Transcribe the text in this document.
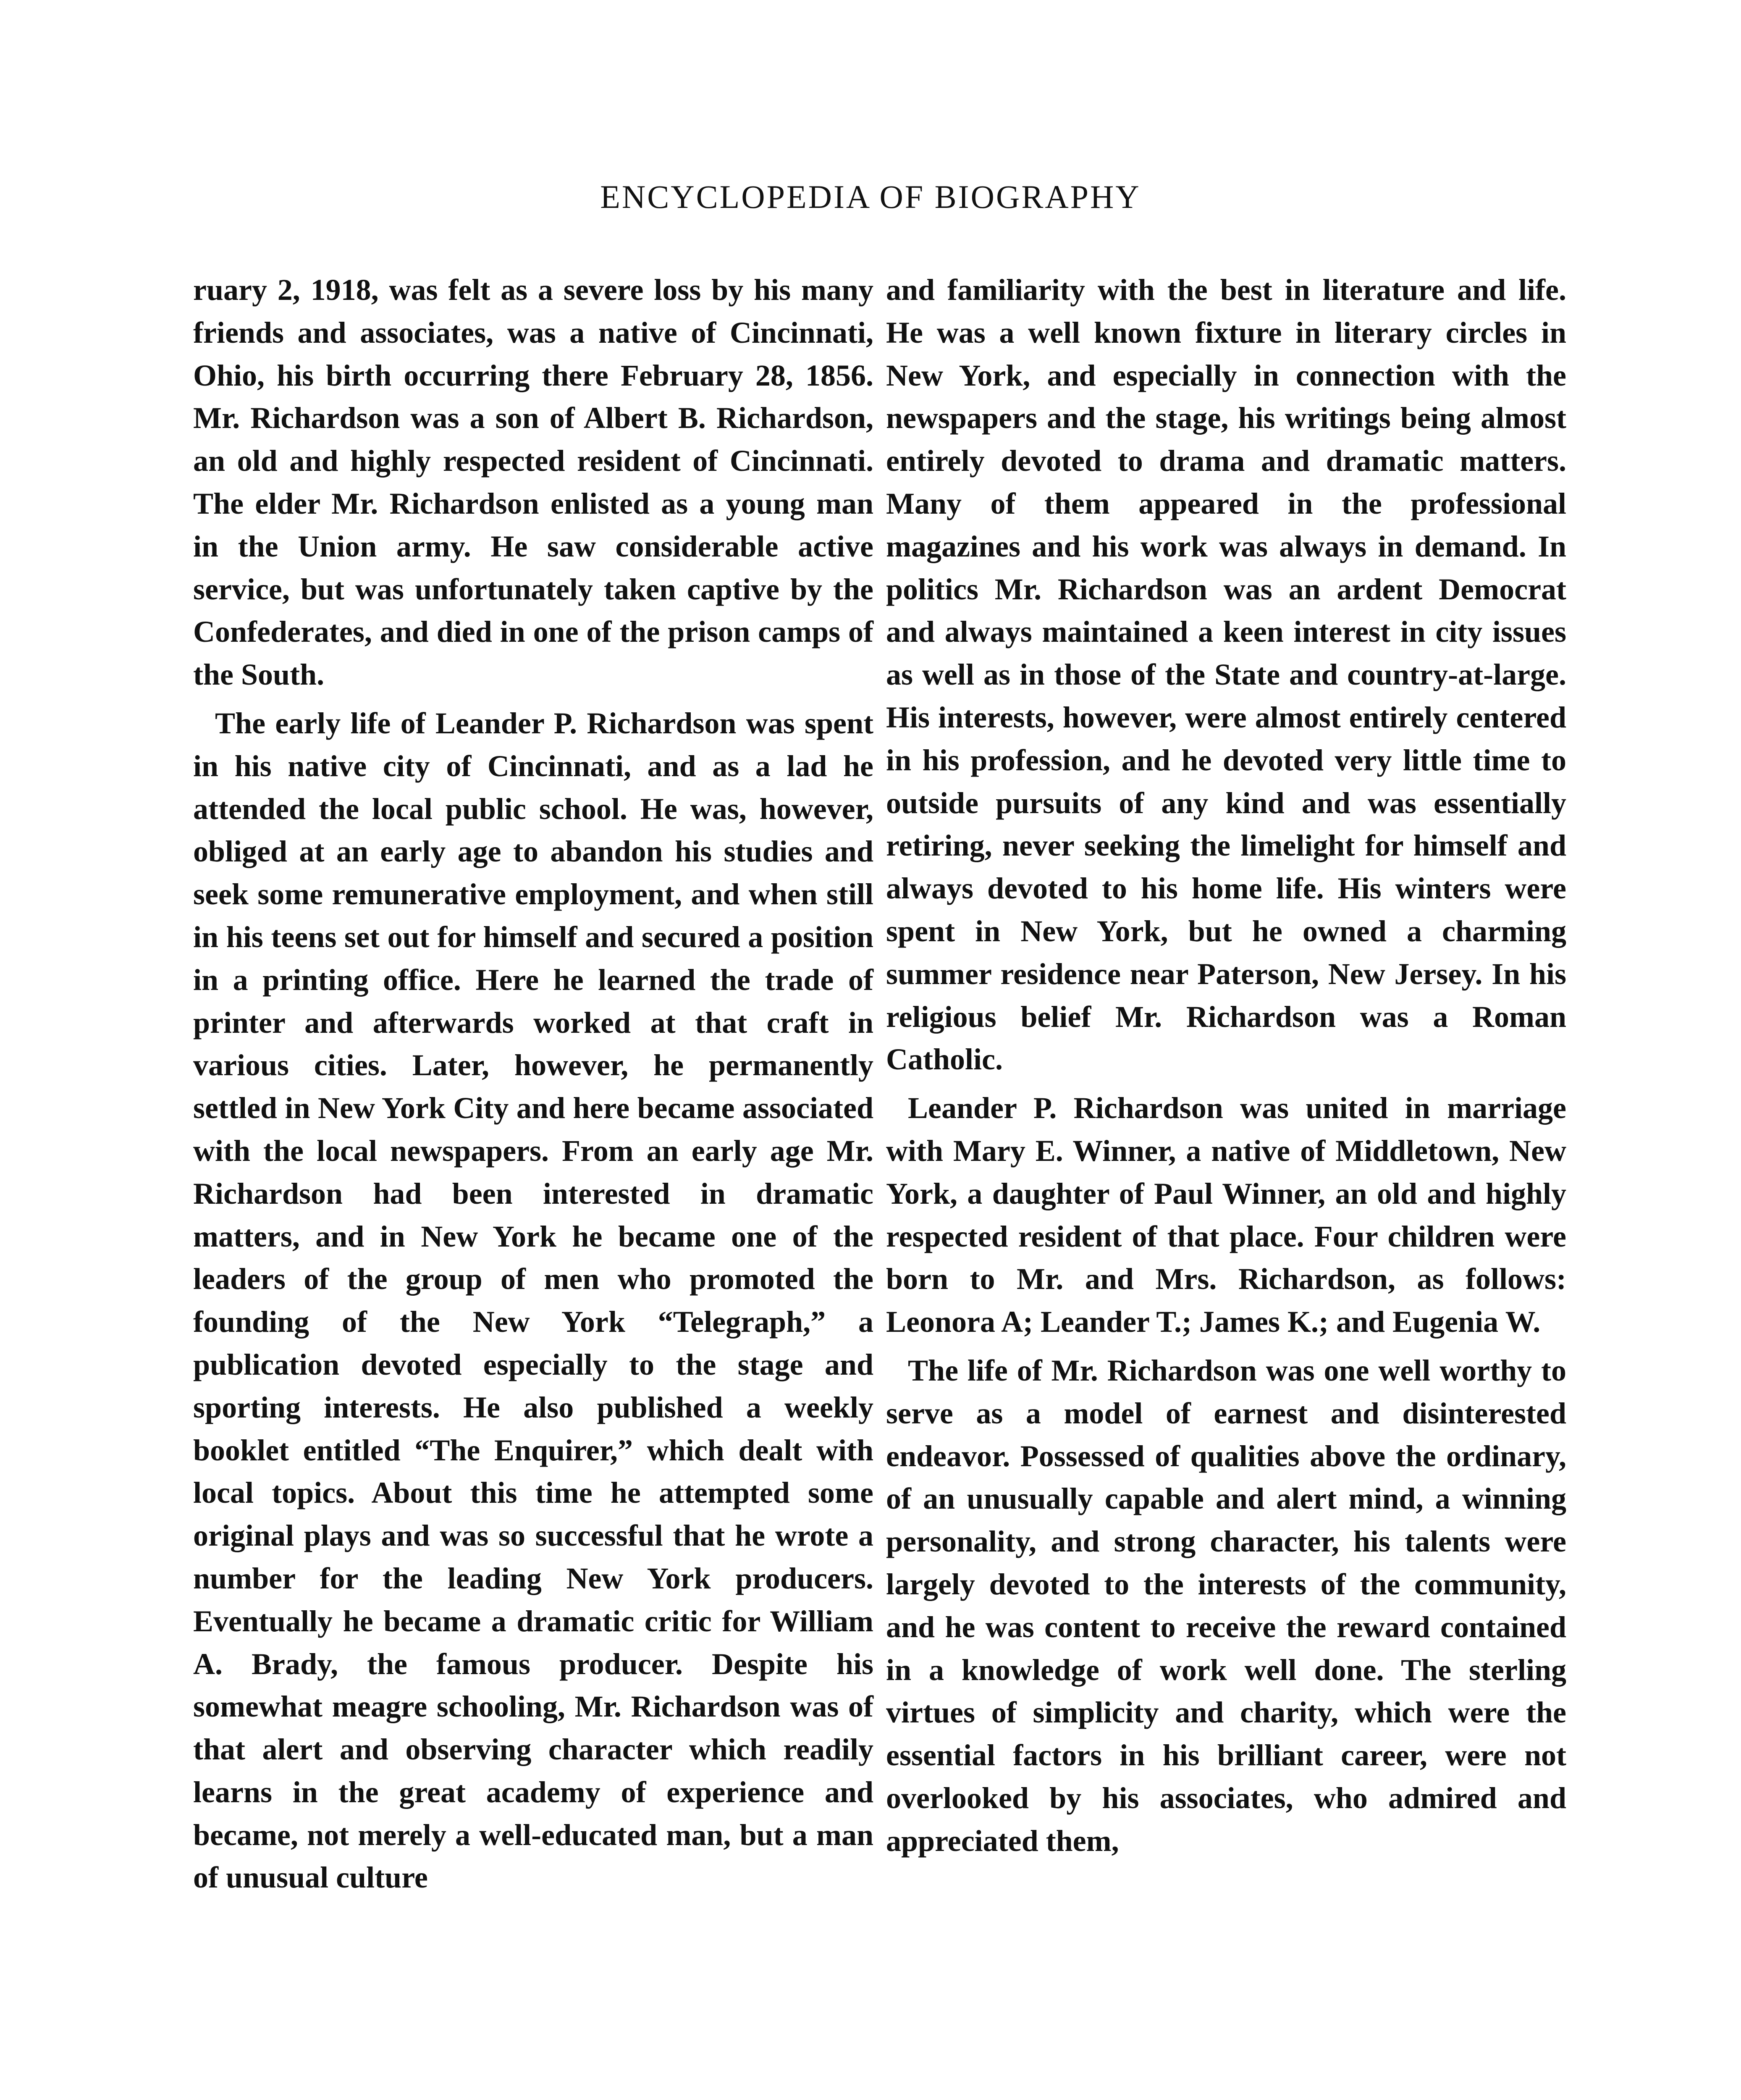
ENCYCLOPEDIA OF BIOGRAPHY

ruary 2, 1918, was felt as a severe loss by his many friends and associates, was a native of Cincinnati, Ohio, his birth occurring there February 28, 1856. Mr. Richardson was a son of Albert B. Richardson, an old and highly respected resident of Cincinnati. The elder Mr. Richardson enlisted as a young man in the Union army. He saw considerable active service, but was unfortunately taken captive by the Confederates, and died in one of the prison camps of the South.

The early life of Leander P. Richardson was spent in his native city of Cincinnati, and as a lad he attended the local public school. He was, however, obliged at an early age to abandon his studies and seek some remunerative employment, and when still in his teens set out for himself and secured a position in a printing office. Here he learned the trade of printer and afterwards worked at that craft in various cities. Later, however, he permanently settled in New York City and here became associated with the local newspapers. From an early age Mr. Richardson had been interested in dramatic matters, and in New York he became one of the leaders of the group of men who promoted the founding of the New York “Telegraph,” a publication devoted especially to the stage and sporting interests. He also published a weekly booklet entitled “The Enquirer,” which dealt with local topics. About this time he attempted some original plays and was so successful that he wrote a number for the leading New York producers. Eventually he became a dramatic critic for William A. Brady, the famous producer. Despite his somewhat meagre schooling, Mr. Richardson was of that alert and observing character which readily learns in the great academy of experience and became, not merely a well-educated man, but a man of unusual culture

and familiarity with the best in literature and life. He was a well known fixture in literary circles in New York, and especially in connection with the newspapers and the stage, his writings being almost entirely devoted to drama and dramatic matters. Many of them appeared in the professional magazines and his work was always in demand. In politics Mr. Richardson was an ardent Democrat and always maintained a keen interest in city issues as well as in those of the State and country-at-large. His interests, however, were almost entirely centered in his profession, and he devoted very little time to outside pursuits of any kind and was essentially retiring, never seeking the limelight for himself and always devoted to his home life. His winters were spent in New York, but he owned a charming summer residence near Paterson, New Jersey. In his religious belief Mr. Richardson was a Roman Catholic.

Leander P. Richardson was united in marriage with Mary E. Winner, a native of Middletown, New York, a daughter of Paul Winner, an old and highly respected resident of that place. Four children were born to Mr. and Mrs. Richardson, as follows: Leonora A; Leander T.; James K.; and Eugenia W.

The life of Mr. Richardson was one well worthy to serve as a model of earnest and disinterested endeavor. Possessed of qualities above the ordinary, of an unusually capable and alert mind, a winning personality, and strong character, his talents were largely devoted to the interests of the community, and he was content to receive the reward contained in a knowledge of work well done. The sterling virtues of simplicity and charity, which were the essential factors in his brilliant career, were not overlooked by his associates, who admired and appreciated them,
